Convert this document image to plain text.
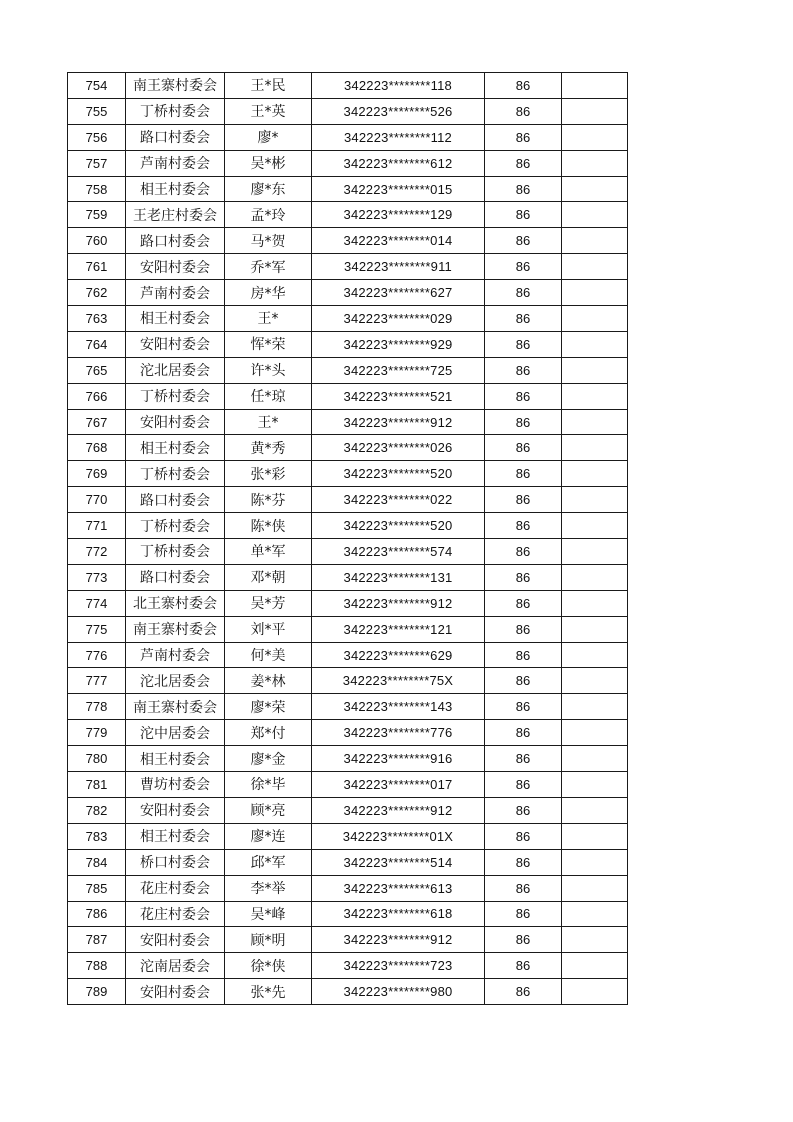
754	南王寨村委会	王*民	342223********118	86	
755	丁桥村委会	王*英	342223********526	86	
756	路口村委会	廖*	342223********112	86	
757	芦南村委会	吴*彬	342223********612	86	
758	相王村委会	廖*东	342223********015	86	
759	王老庄村委会	孟*玲	342223********129	86	
760	路口村委会	马*贺	342223********014	86	
761	安阳村委会	乔*军	342223********911	86	
762	芦南村委会	房*华	342223********627	86	
763	相王村委会	王*	342223********029	86	
764	安阳村委会	恽*荣	342223********929	86	
765	沱北居委会	许*头	342223********725	86	
766	丁桥村委会	任*琼	342223********521	86	
767	安阳村委会	王*	342223********912	86	
768	相王村委会	黄*秀	342223********026	86	
769	丁桥村委会	张*彩	342223********520	86	
770	路口村委会	陈*芬	342223********022	86	
771	丁桥村委会	陈*侠	342223********520	86	
772	丁桥村委会	单*军	342223********574	86	
773	路口村委会	邓*朝	342223********131	86	
774	北王寨村委会	吴*芳	342223********912	86	
775	南王寨村委会	刘*平	342223********121	86	
776	芦南村委会	何*美	342223********629	86	
777	沱北居委会	姜*林	342223********75X	86	
778	南王寨村委会	廖*荣	342223********143	86	
779	沱中居委会	郑*付	342223********776	86	
780	相王村委会	廖*金	342223********916	86	
781	曹坊村委会	徐*毕	342223********017	86	
782	安阳村委会	顾*亮	342223********912	86	
783	相王村委会	廖*连	342223********01X	86	
784	桥口村委会	邱*军	342223********514	86	
785	花庄村委会	李*举	342223********613	86	
786	花庄村委会	吴*峰	342223********618	86	
787	安阳村委会	顾*明	342223********912	86	
788	沱南居委会	徐*侠	342223********723	86	
789	安阳村委会	张*先	342223********980	86	
